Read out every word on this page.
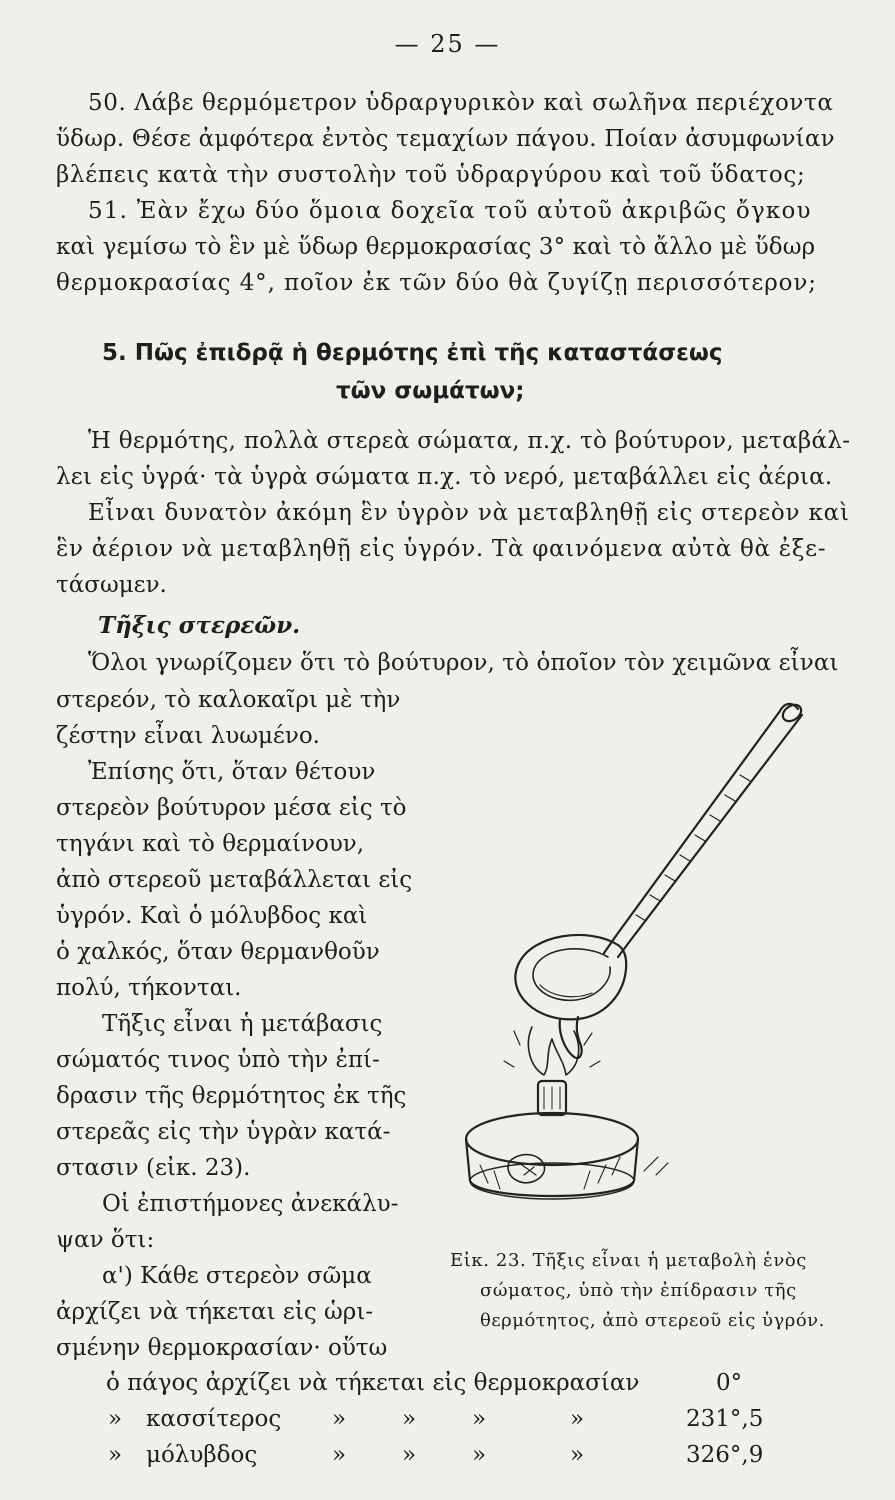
— 25 —
50. Λάβε θερμόμετρον ὑδραργυρικὸν καὶ σωλῆνα περιέχοντα
ὕδωρ. Θέσε ἀμφότερα ἐντὸς τεμαχίων πάγου. Ποίαν ἀσυμφωνίαν
βλέπεις κατὰ τὴν συστολὴν τοῦ ὑδραργύρου καὶ τοῦ ὕδατος;
51. Ἐὰν ἔχω δύο ὅμοια δοχεῖα τοῦ αὐτοῦ ἀκριβῶς ὄγκου
καὶ γεμίσω τὸ ἓν μὲ ὕδωρ θερμοκρασίας 3° καὶ τὸ ἄλλο μὲ ὕδωρ
θερμοκρασίας 4°, ποῖον ἐκ τῶν δύο θὰ ζυγίζῃ περισσότερον;
5. Πῶς ἐπιδρᾷ ἡ θερμότης ἐπὶ τῆς καταστάσεως
τῶν σωμάτων;
Ἡ θερμότης, πολλὰ στερεὰ σώματα, π.χ. τὸ βούτυρον, μεταβάλ-
λει εἰς ὑγρά· τὰ ὑγρὰ σώματα π.χ. τὸ νερό, μεταβάλλει εἰς ἀέρια.
Εἶναι δυνατὸν ἀκόμη ἓν ὑγρὸν νὰ μεταβληθῇ εἰς στερεὸν καὶ
ἓν ἀέριον νὰ μεταβληθῇ εἰς ὑγρόν. Τὰ φαινόμενα αὐτὰ θὰ ἐξε-
τάσωμεν.
Τῆξις στερεῶν.
Ὅλοι γνωρίζομεν ὅτι τὸ βούτυρον, τὸ ὁποῖον τὸν χειμῶνα εἶναι
στερεόν, τὸ καλοκαῖρι μὲ τὴν
ζέστην εἶναι λυωμένο.
Ἐπίσης ὅτι, ὅταν θέτουν
στερεὸν βούτυρον μέσα εἰς τὸ
τηγάνι καὶ τὸ θερμαίνουν,
ἀπὸ στερεοῦ μεταβάλλεται εἰς
ὑγρόν. Καὶ ὁ μόλυβδος καὶ
ὁ χαλκός, ὅταν θερμανθοῦν
πολύ, τήκονται.
Τῆξις εἶναι ἡ μετάβασις
σώματός τινος ὑπὸ τὴν ἐπί-
δρασιν τῆς θερμότητος ἐκ τῆς
στερεᾶς εἰς τὴν ὑγρὰν κατά-
στασιν (εἰκ. 23).
Οἱ ἐπιστήμονες ἀνεκάλυ-
ψαν ὅτι:
α') Κάθε στερεὸν σῶμα
ἀρχίζει νὰ τήκεται εἰς ὡρι-
σμένην θερμοκρασίαν· οὕτω
Εἰκ. 23. Τῆξις εἶναι ἡ μεταβολὴ ἑνὸς
σώματος, ὑπὸ τὴν ἐπίδρασιν τῆς
θερμότητος, ἀπὸ στερεοῦ εἰς ὑγρόν.
ὁ πάγος ἀρχίζει νὰ τήκεται εἰς θερμοκρασίαν	0°
» κασσίτερος » » »	»	231°,5
» μόλυβδος	» » »	»	326°,9
